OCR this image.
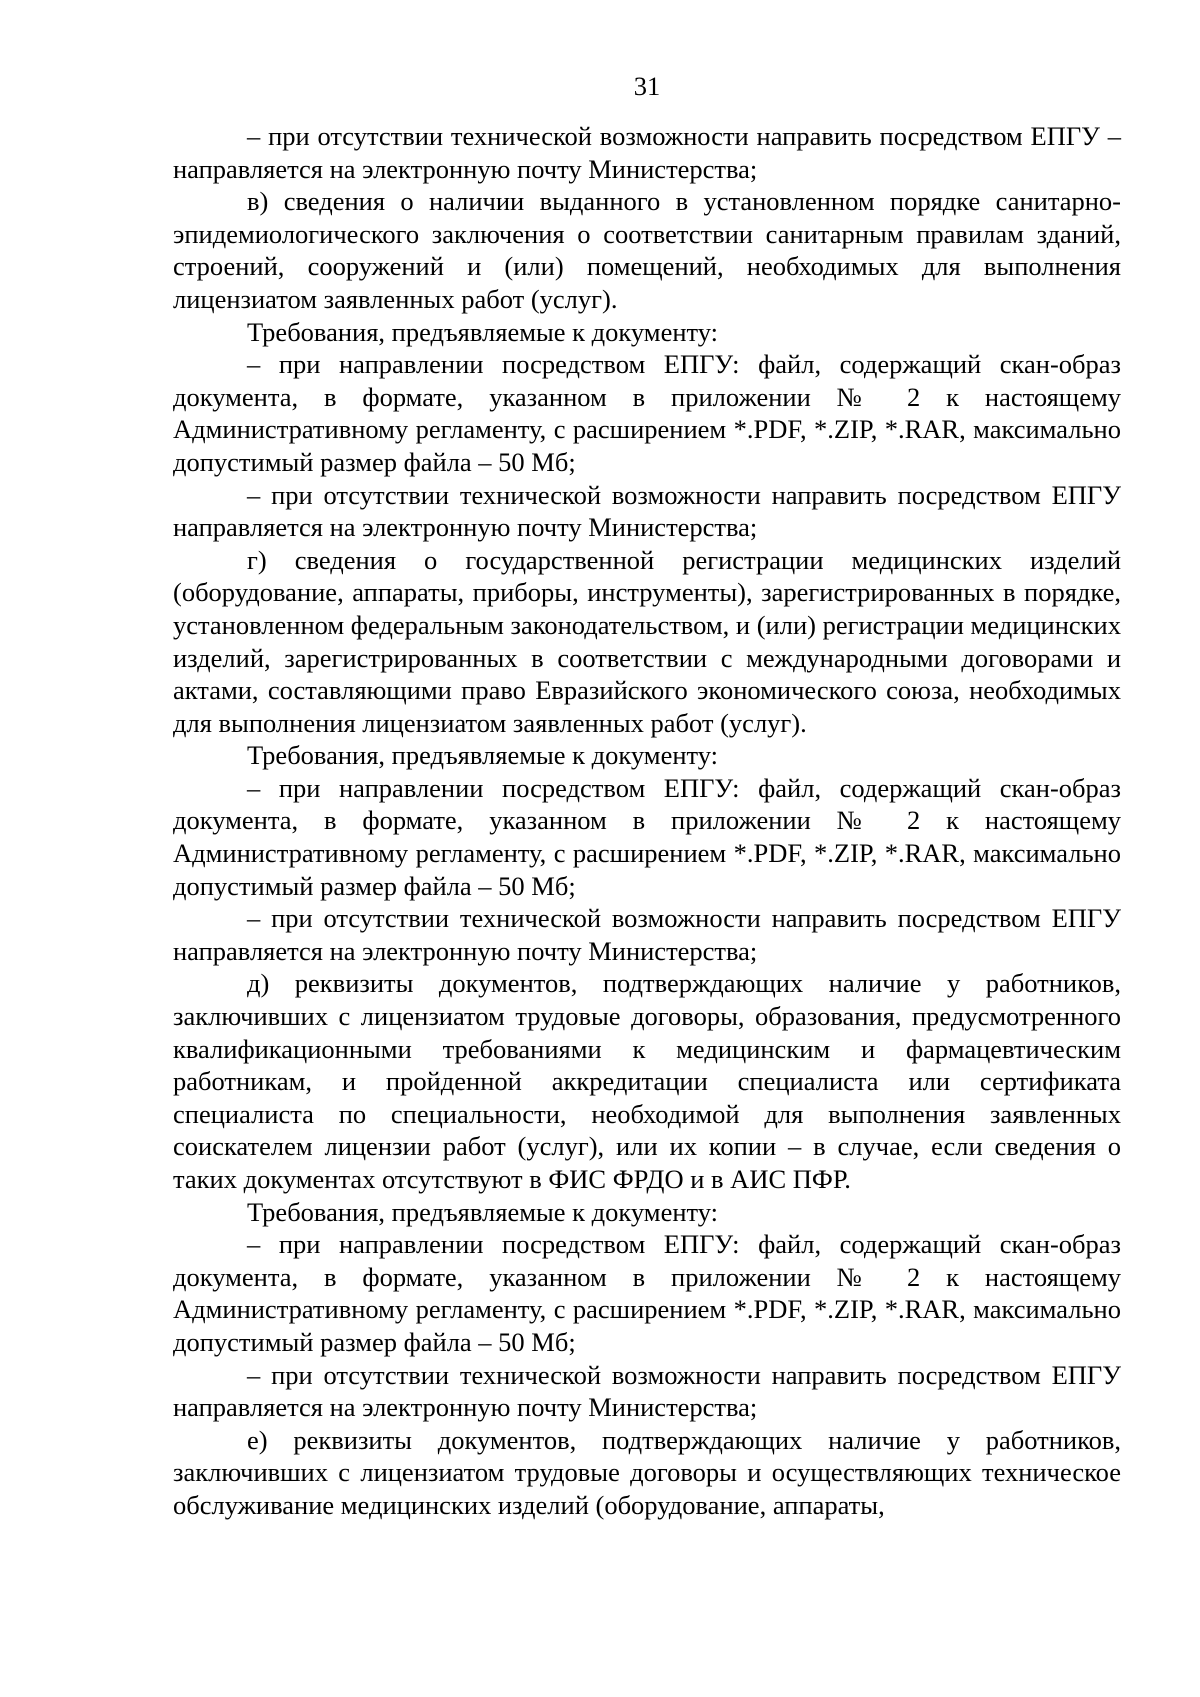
31

– при отсутствии технической возможности направить посредством ЕПГУ – направляется на электронную почту Министерства;

в) сведения о наличии выданного в установленном порядке санитарно-эпидемиологического заключения о соответствии санитарным правилам зданий, строений, сооружений и (или) помещений, необходимых для выполнения лицензиатом заявленных работ (услуг).

Требования, предъявляемые к документу:

– при направлении посредством ЕПГУ: файл, содержащий скан-образ документа, в формате, указанном в приложении № 2 к настоящему Административному регламенту, с расширением *.PDF, *.ZIP, *.RAR, максимально допустимый размер файла – 50 Мб;

– при отсутствии технической возможности направить посредством ЕПГУ направляется на электронную почту Министерства;

г) сведения о государственной регистрации медицинских изделий (оборудование, аппараты, приборы, инструменты), зарегистрированных в порядке, установленном федеральным законодательством, и (или) регистрации медицинских изделий, зарегистрированных в соответствии с международными договорами и актами, составляющими право Евразийского экономического союза, необходимых для выполнения лицензиатом заявленных работ (услуг).

Требования, предъявляемые к документу:

– при направлении посредством ЕПГУ: файл, содержащий скан-образ документа, в формате, указанном в приложении № 2 к настоящему Административному регламенту, с расширением *.PDF, *.ZIP, *.RAR, максимально допустимый размер файла – 50 Мб;

– при отсутствии технической возможности направить посредством ЕПГУ направляется на электронную почту Министерства;

д) реквизиты документов, подтверждающих наличие у работников, заключивших с лицензиатом трудовые договоры, образования, предусмотренного квалификационными требованиями к медицинским и фармацевтическим работникам, и пройденной аккредитации специалиста или сертификата специалиста по специальности, необходимой для выполнения заявленных соискателем лицензии работ (услуг), или их копии – в случае, если сведения о таких документах отсутствуют в ФИС ФРДО и в АИС ПФР.

Требования, предъявляемые к документу:

– при направлении посредством ЕПГУ: файл, содержащий скан-образ документа, в формате, указанном в приложении № 2 к настоящему Административному регламенту, с расширением *.PDF, *.ZIP, *.RAR, максимально допустимый размер файла – 50 Мб;

– при отсутствии технической возможности направить посредством ЕПГУ направляется на электронную почту Министерства;

е) реквизиты документов, подтверждающих наличие у работников, заключивших с лицензиатом трудовые договоры и осуществляющих техническое обслуживание медицинских изделий (оборудование, аппараты,
